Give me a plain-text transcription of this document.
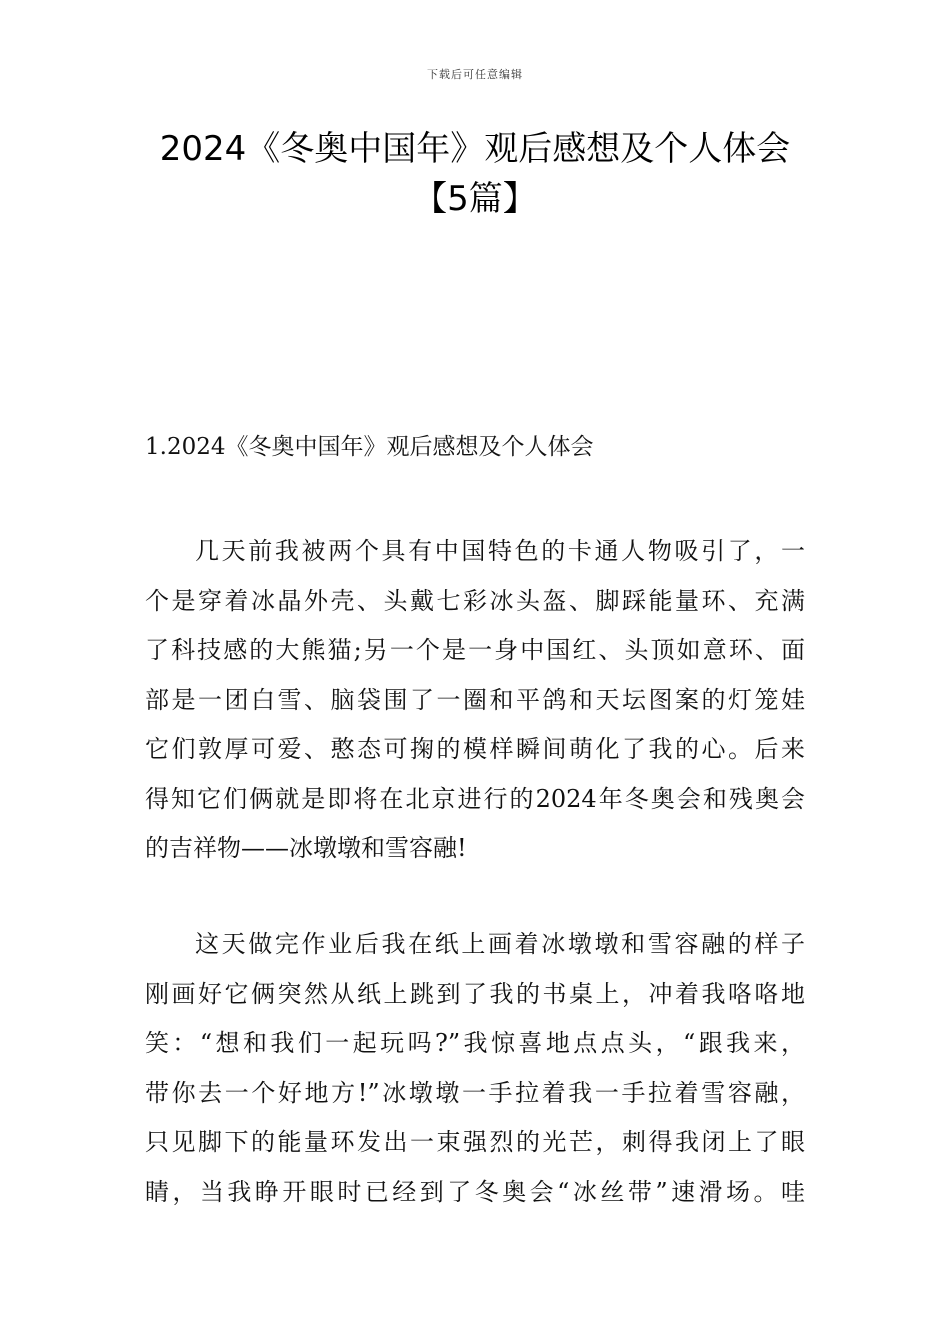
下载后可任意编辑
2024《冬奥中国年》观后感想及个人体会
【5篇】
1.2024《冬奥中国年》观后感想及个人体会

几天前我被两个具有中国特色的卡通人物吸引了，一
个是穿着冰晶外壳、头戴七彩冰头盔、脚踩能量环、充满
了科技感的大熊猫;另一个是一身中国红、头顶如意环、面
部是一团白雪、脑袋围了一圈和平鸽和天坛图案的灯笼娃
它们敦厚可爱、憨态可掬的模样瞬间萌化了我的心。后来
得知它们俩就是即将在北京进行的2024年冬奥会和残奥会
的吉祥物——冰墩墩和雪容融!

这天做完作业后我在纸上画着冰墩墩和雪容融的样子
刚画好它俩突然从纸上跳到了我的书桌上，冲着我咯咯地
笑：“想和我们一起玩吗?”我惊喜地点点头，“跟我来，
带你去一个好地方!”冰墩墩一手拉着我一手拉着雪容融，
只见脚下的能量环发出一束强烈的光芒，刺得我闭上了眼
睛，当我睁开眼时已经到了冬奥会“冰丝带”速滑场。哇
